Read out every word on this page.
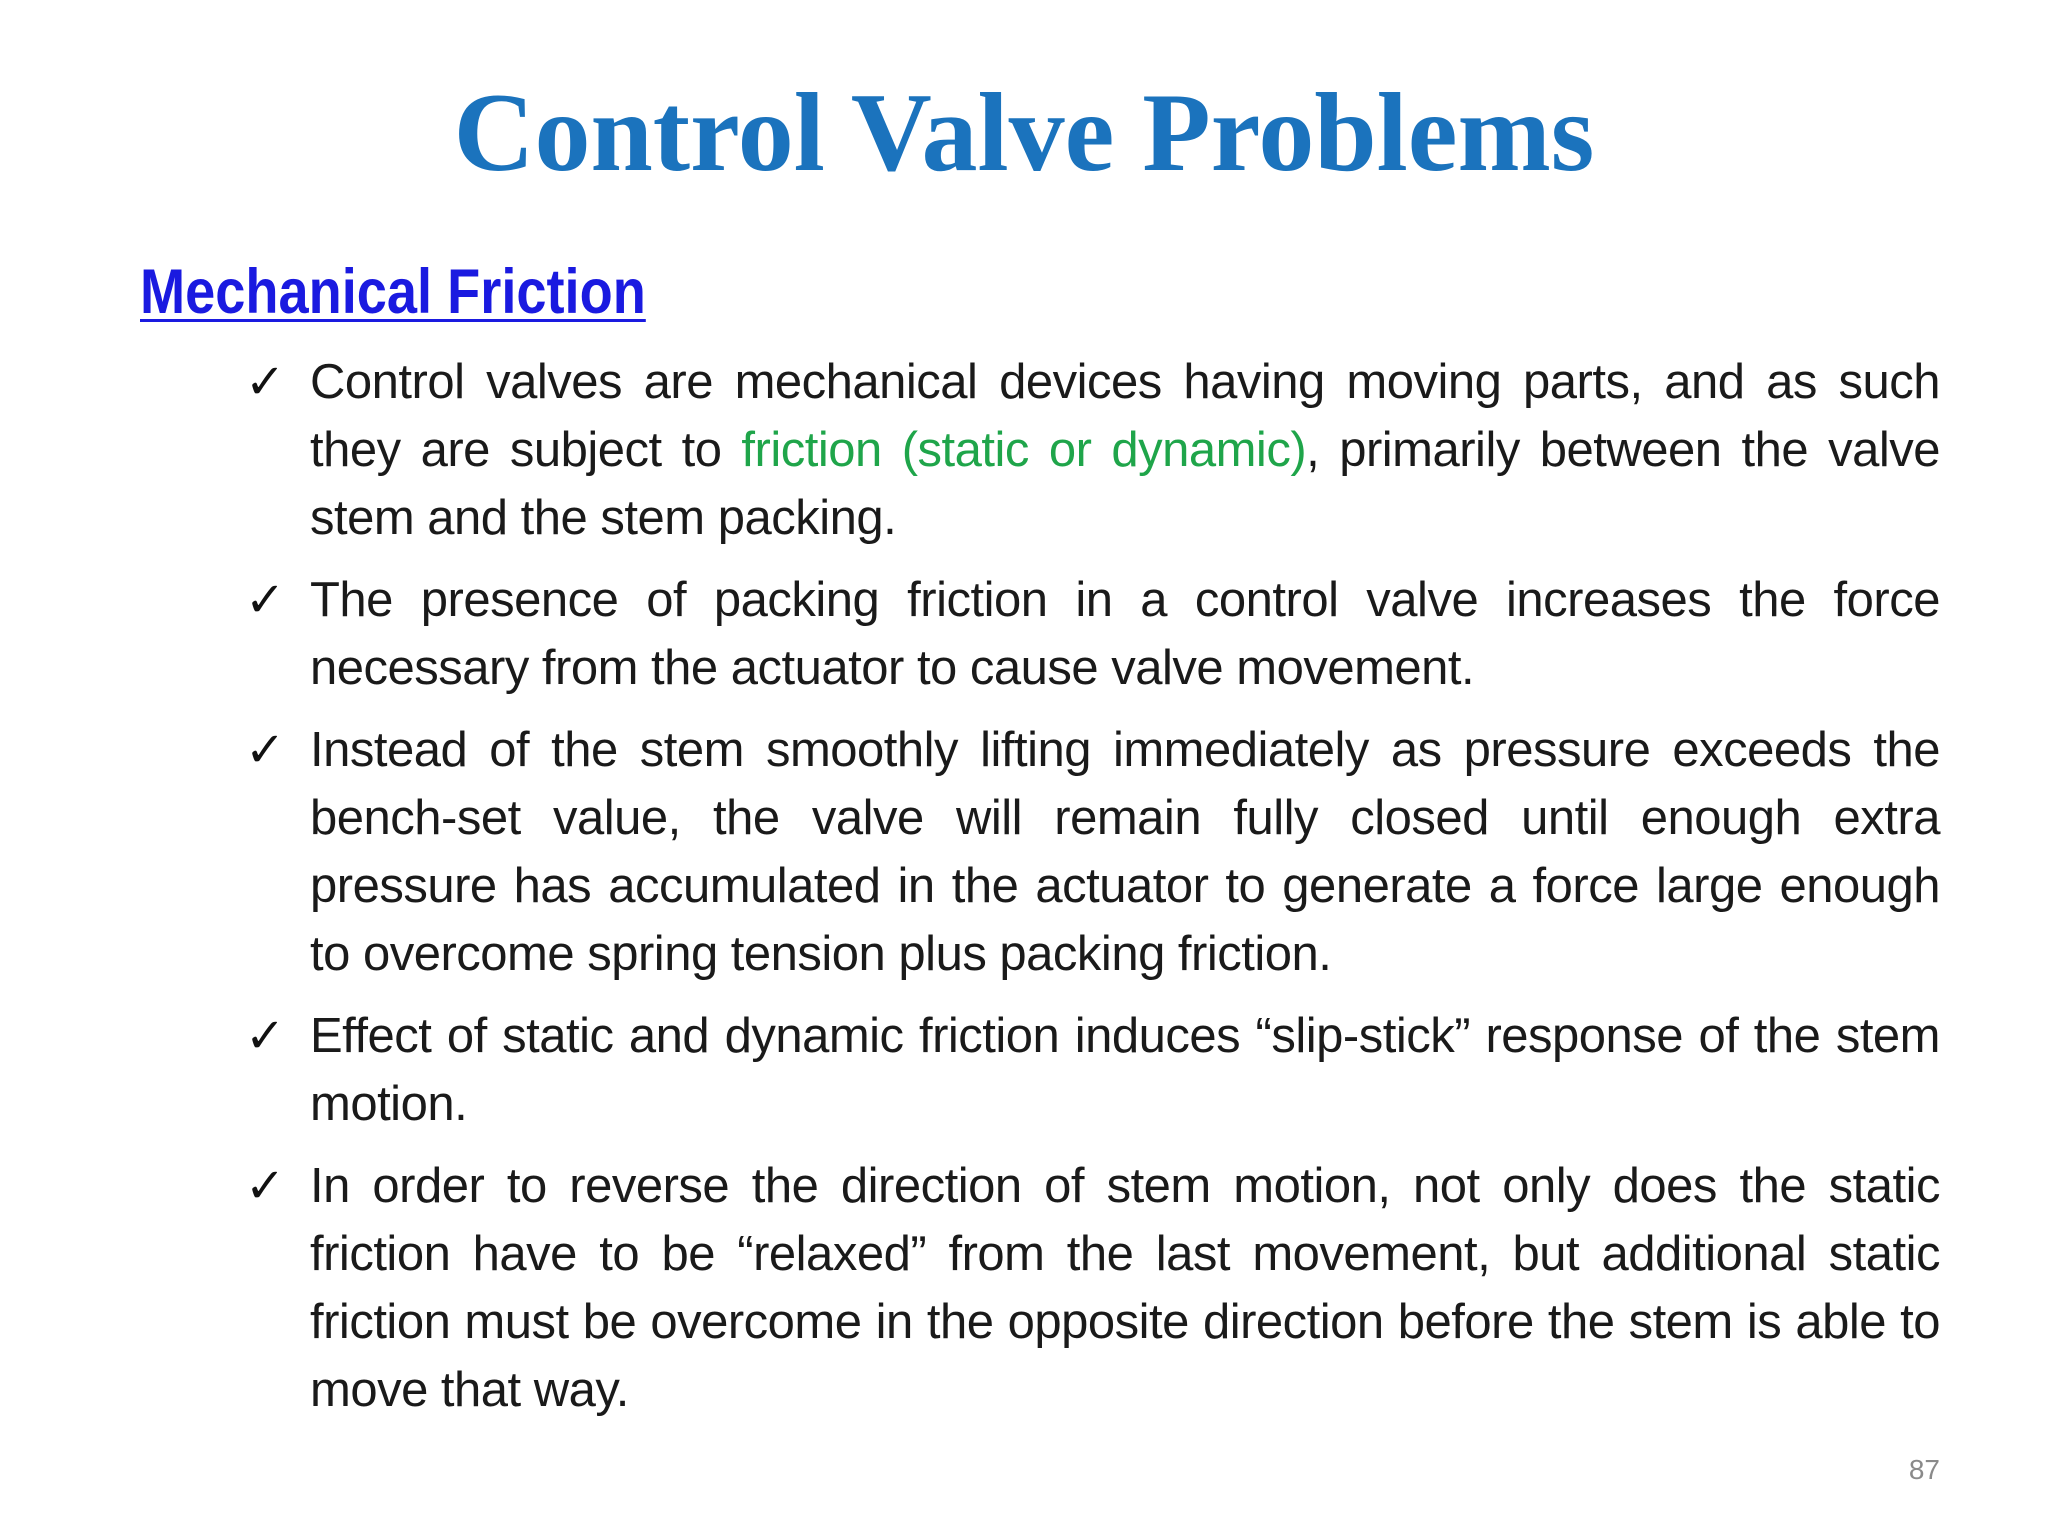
Control Valve Problems
Mechanical Friction
✓ Control valves are mechanical devices having moving parts, and as such they are subject to friction (static or dynamic), primarily between the valve stem and the stem packing.
✓ The presence of packing friction in a control valve increases the force necessary from the actuator to cause valve movement.
✓ Instead of the stem smoothly lifting immediately as pressure exceeds the bench-set value, the valve will remain fully closed until enough extra pressure has accumulated in the actuator to generate a force large enough to overcome spring tension plus packing friction.
✓ Effect of static and dynamic friction induces “slip-stick” response of the stem motion.
✓ In order to reverse the direction of stem motion, not only does the static friction have to be “relaxed” from the last movement, but additional static friction must be overcome in the opposite direction before the stem is able to move that way.
87
